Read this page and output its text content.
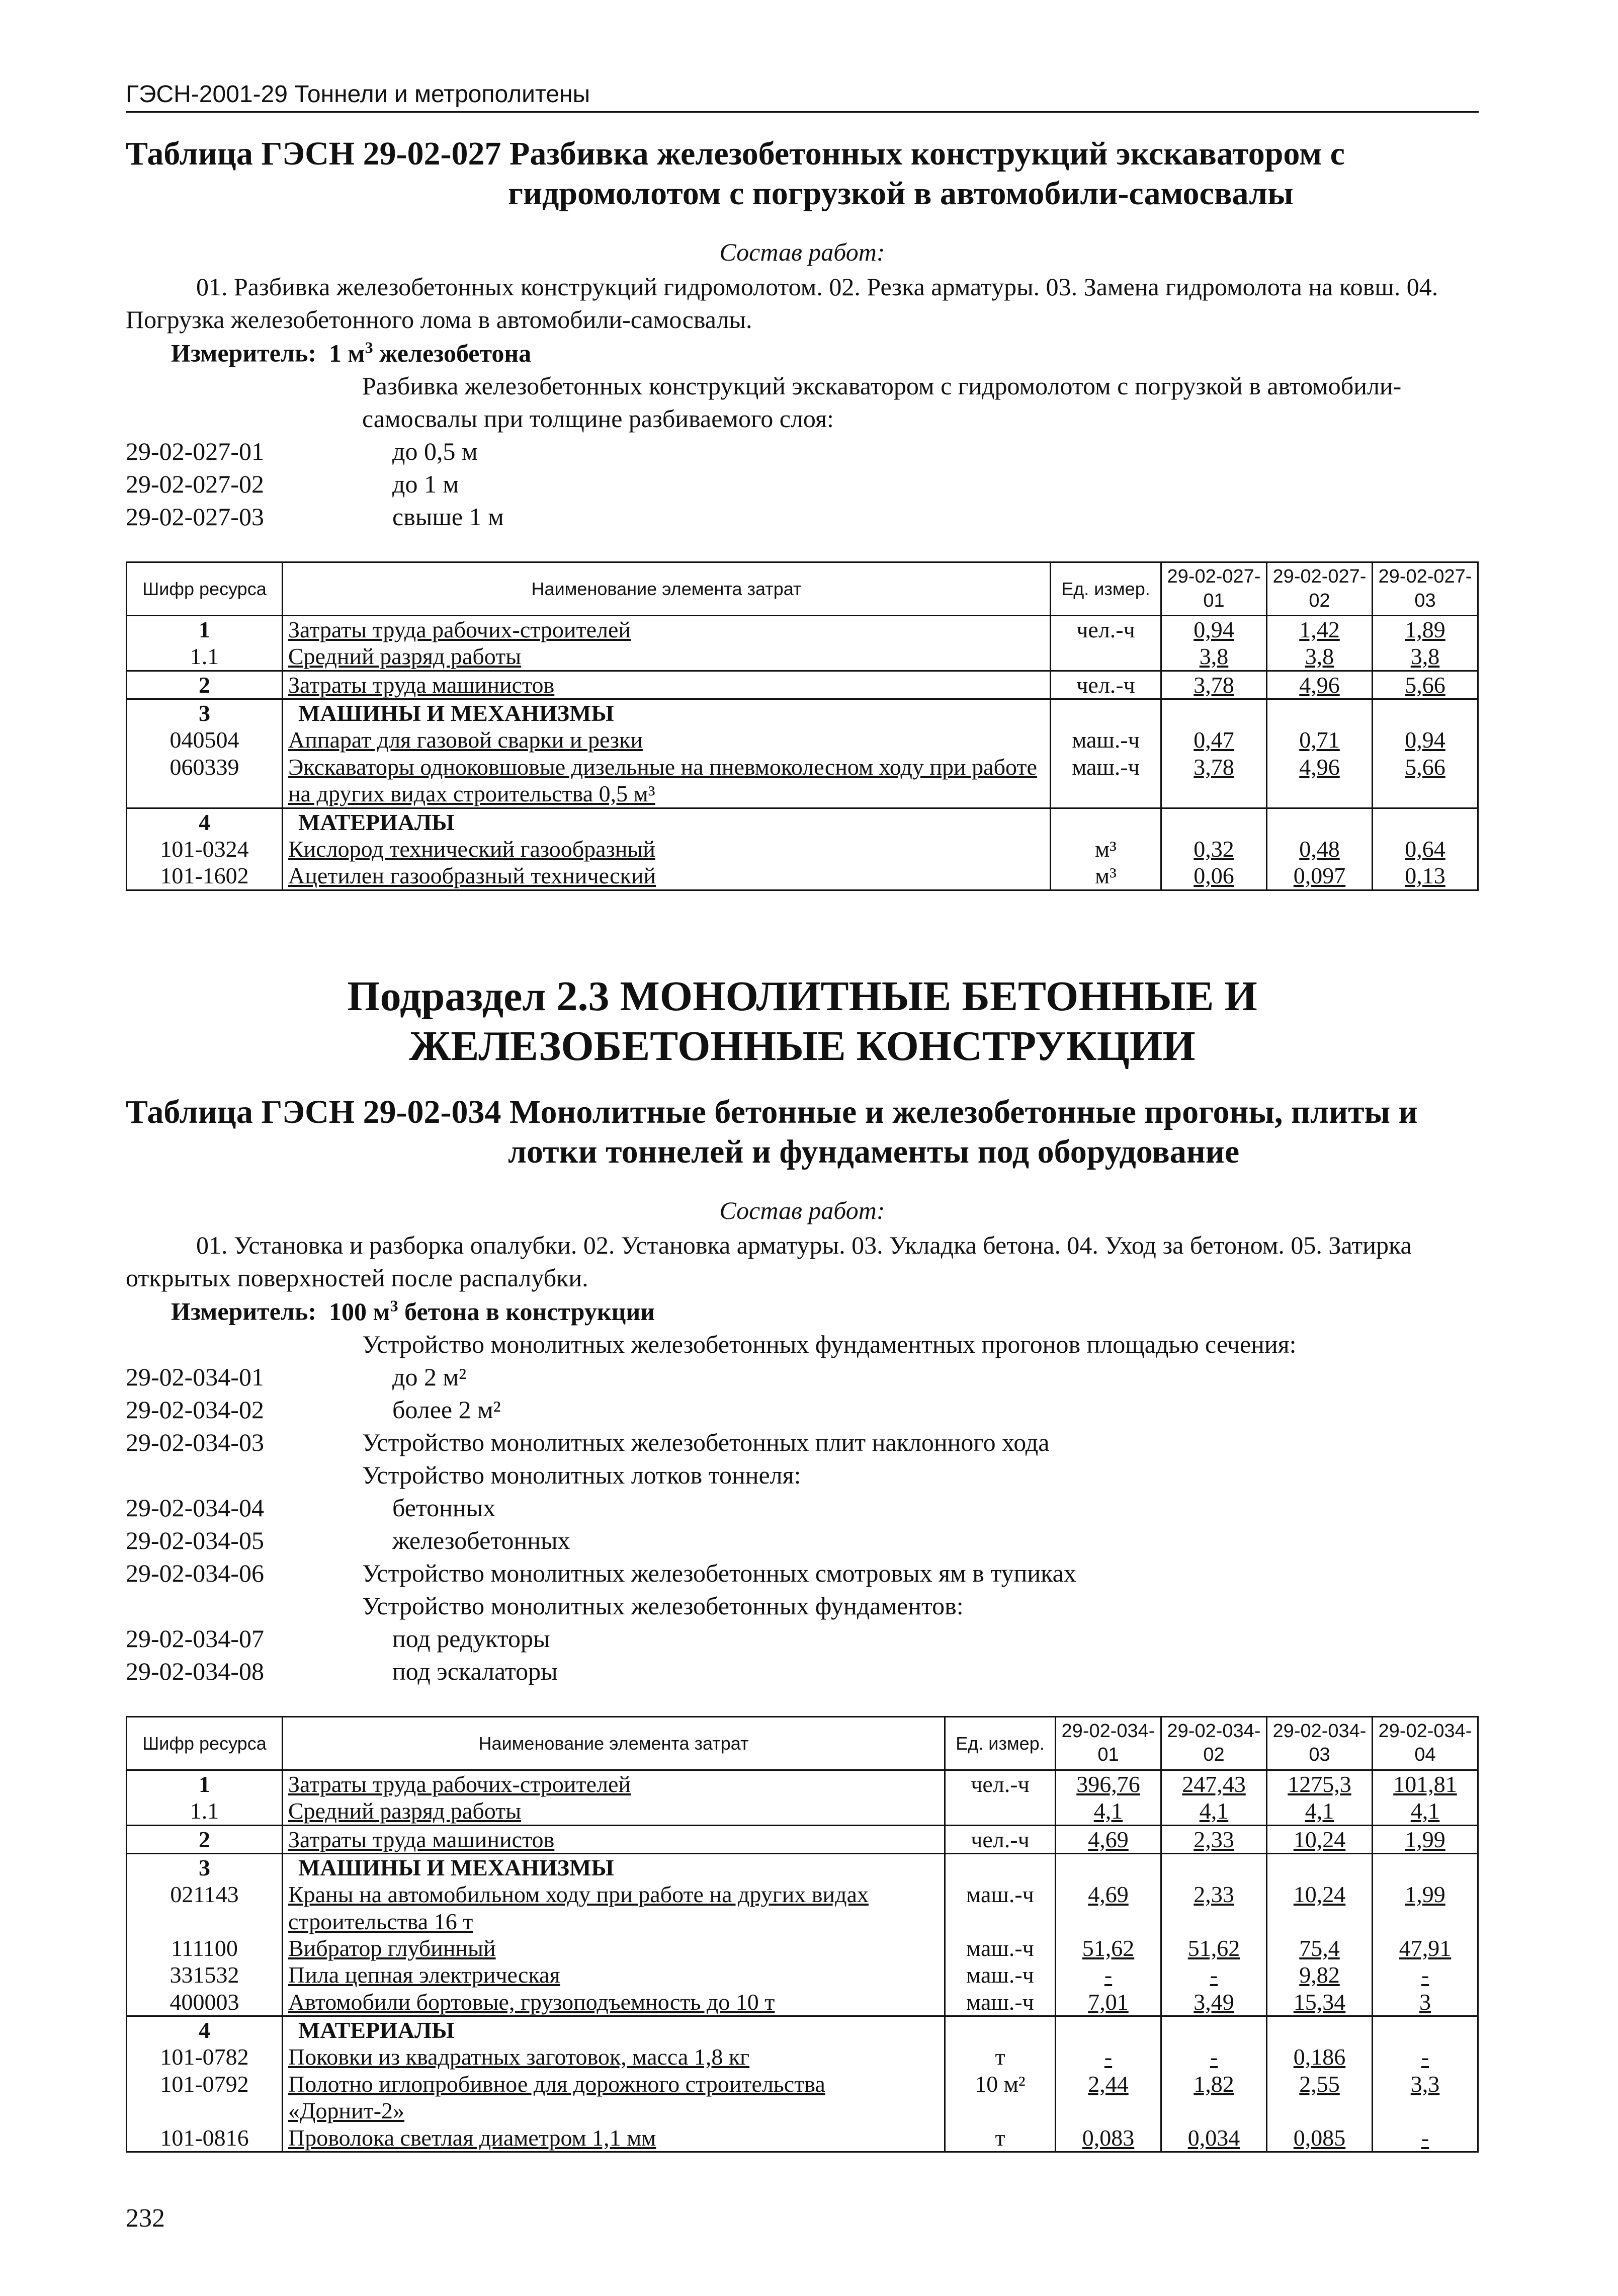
ГЭСН-2001-29 Тоннели и метрополитены
Таблица ГЭСН 29-02-027 Разбивка железобетонных конструкций экскаватором с гидромолотом с погрузкой в автомобили-самосвалы
Состав работ:
01. Разбивка железобетонных конструкций гидромолотом. 02. Резка арматуры. 03. Замена гидромолота на ковш. 04. Погрузка железобетонного лома в автомобили-самосвалы.
Измеритель: 1 $м^3$ железобетона
Разбивка железобетонных конструкций экскаватором с гидромолотом с погрузкой в автомобили-самосвалы при толщине разбиваемого слоя:
29-02-027-01	до 0,5 м
29-02-027-02	до 1 м
29-02-027-03	свыше 1 м
Шифр ресурса	Наименование элемента затрат	Ед. измер.	29-02-027-01	29-02-027-02	29-02-027-03
1	Затраты труда рабочих-строителей	чел.-ч	0,94	1,42	1,89
1.1	Средний разряд работы		3,8	3,8	3,8
2	Затраты труда машинистов	чел.-ч	3,78	4,96	5,66
3	МАШИНЫ И МЕХАНИЗМЫ				
040504	Аппарат для газовой сварки и резки	маш.-ч	0,47	0,71	0,94
060339	Экскаваторы одноковшовые дизельные на пневмоколесном ходу при работе на других видах строительства 0,5 м³	маш.-ч	3,78	4,96	5,66
4	МАТЕРИАЛЫ				
101-0324	Кислород технический газообразный	м³	0,32	0,48	0,64
101-1602	Ацетилен газообразный технический	м³	0,06	0,097	0,13
Подраздел 2.3 МОНОЛИТНЫЕ БЕТОННЫЕ И ЖЕЛЕЗОБЕТОННЫЕ КОНСТРУКЦИИ
Таблица ГЭСН 29-02-034 Монолитные бетонные и железобетонные прогоны, плиты и лотки тоннелей и фундаменты под оборудование
Состав работ:
01. Установка и разборка опалубки. 02. Установка арматуры. 03. Укладка бетона. 04. Уход за бетоном. 05. Затирка открытых поверхностей после распалубки.
Измеритель: 100 $м^3$ бетона в конструкции
Устройство монолитных железобетонных фундаментных прогонов площадью сечения:
29-02-034-01	до 2 м²
29-02-034-02	более 2 м²
29-02-034-03	Устройство монолитных железобетонных плит наклонного хода
Устройство монолитных лотков тоннеля:
29-02-034-04	бетонных
29-02-034-05	железобетонных
29-02-034-06	Устройство монолитных железобетонных смотровых ям в тупиках
Устройство монолитных железобетонных фундаментов:
29-02-034-07	под редукторы
29-02-034-08	под эскалаторы
Шифр ресурса	Наименование элемента затрат	Ед. измер.	29-02-034-01	29-02-034-02	29-02-034-03	29-02-034-04
1	Затраты труда рабочих-строителей	чел.-ч	396,76	247,43	1275,3	101,81
1.1	Средний разряд работы		4,1	4,1	4,1	4,1
2	Затраты труда машинистов	чел.-ч	4,69	2,33	10,24	1,99
3	МАШИНЫ И МЕХАНИЗМЫ					
021143	Краны на автомобильном ходу при работе на других видах строительства 16 т	маш.-ч	4,69	2,33	10,24	1,99
111100	Вибратор глубинный	маш.-ч	51,62	51,62	75,4	47,91
331532	Пила цепная электрическая	маш.-ч	-	-	9,82	-
400003	Автомобили бортовые, грузоподъемность до 10 т	маш.-ч	7,01	3,49	15,34	3
4	МАТЕРИАЛЫ					
101-0782	Поковки из квадратных заготовок, масса 1,8 кг	т	-	-	0,186	-
101-0792	Полотно иглопробивное для дорожного строительства «Дорнит-2»	10 м²	2,44	1,82	2,55	3,3
101-0816	Проволока светлая диаметром 1,1 мм	т	0,083	0,034	0,085	-
232
